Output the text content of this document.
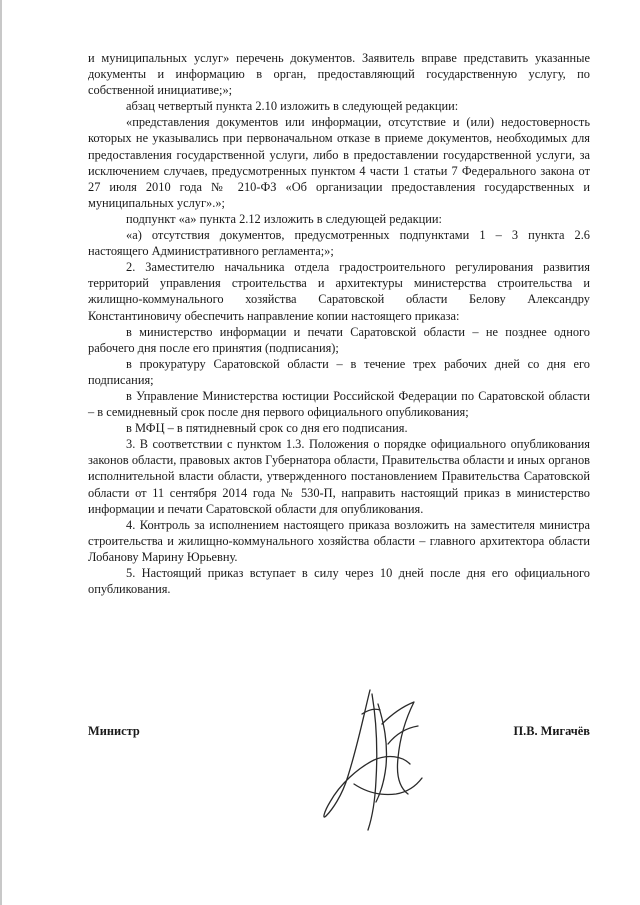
и муниципальных услуг» перечень документов. Заявитель вправе представить указанные документы и информацию в орган, предоставляющий государственную услугу, по собственной инициативе;»;

абзац четвертый пункта 2.10 изложить в следующей редакции:

«представления документов или информации, отсутствие и (или) недостоверность которых не указывались при первоначальном отказе в приеме документов, необходимых для предоставления государственной услуги, либо в предоставлении государственной услуги, за исключением случаев, предусмотренных пунктом 4 части 1 статьи 7 Федерального закона от 27 июля 2010 года № 210-ФЗ «Об организации предоставления государственных и муниципальных услуг».»;

подпункт «а» пункта 2.12 изложить в следующей редакции:

«а) отсутствия документов, предусмотренных подпунктами 1 – 3 пункта 2.6 настоящего Административного регламента;»;

2. Заместителю начальника отдела градостроительного регулирования развития территорий управления строительства и архитектуры министерства строительства и жилищно-коммунального хозяйства Саратовской области Белову Александру Константиновичу обеспечить направление копии настоящего приказа:

в министерство информации и печати Саратовской области – не позднее одного рабочего дня после его принятия (подписания);

в прокуратуру Саратовской области – в течение трех рабочих дней со дня его подписания;

в Управление Министерства юстиции Российской Федерации по Саратовской области – в семидневный срок после дня первого официального опубликования;

в МФЦ – в пятидневный срок со дня его подписания.

3. В соответствии с пунктом 1.3. Положения о порядке официального опубликования законов области, правовых актов Губернатора области, Правительства области и иных органов исполнительной власти области, утвержденного постановлением Правительства Саратовской области от 11 сентября 2014 года № 530-П, направить настоящий приказ в министерство информации и печати Саратовской области для опубликования.

4. Контроль за исполнением настоящего приказа возложить на заместителя министра строительства и жилищно-коммунального хозяйства области – главного архитектора области Лобанову Марину Юрьевну.

5. Настоящий приказ вступает в силу через 10 дней после дня его официального опубликования.

Министр	П.В. Мигачёв
